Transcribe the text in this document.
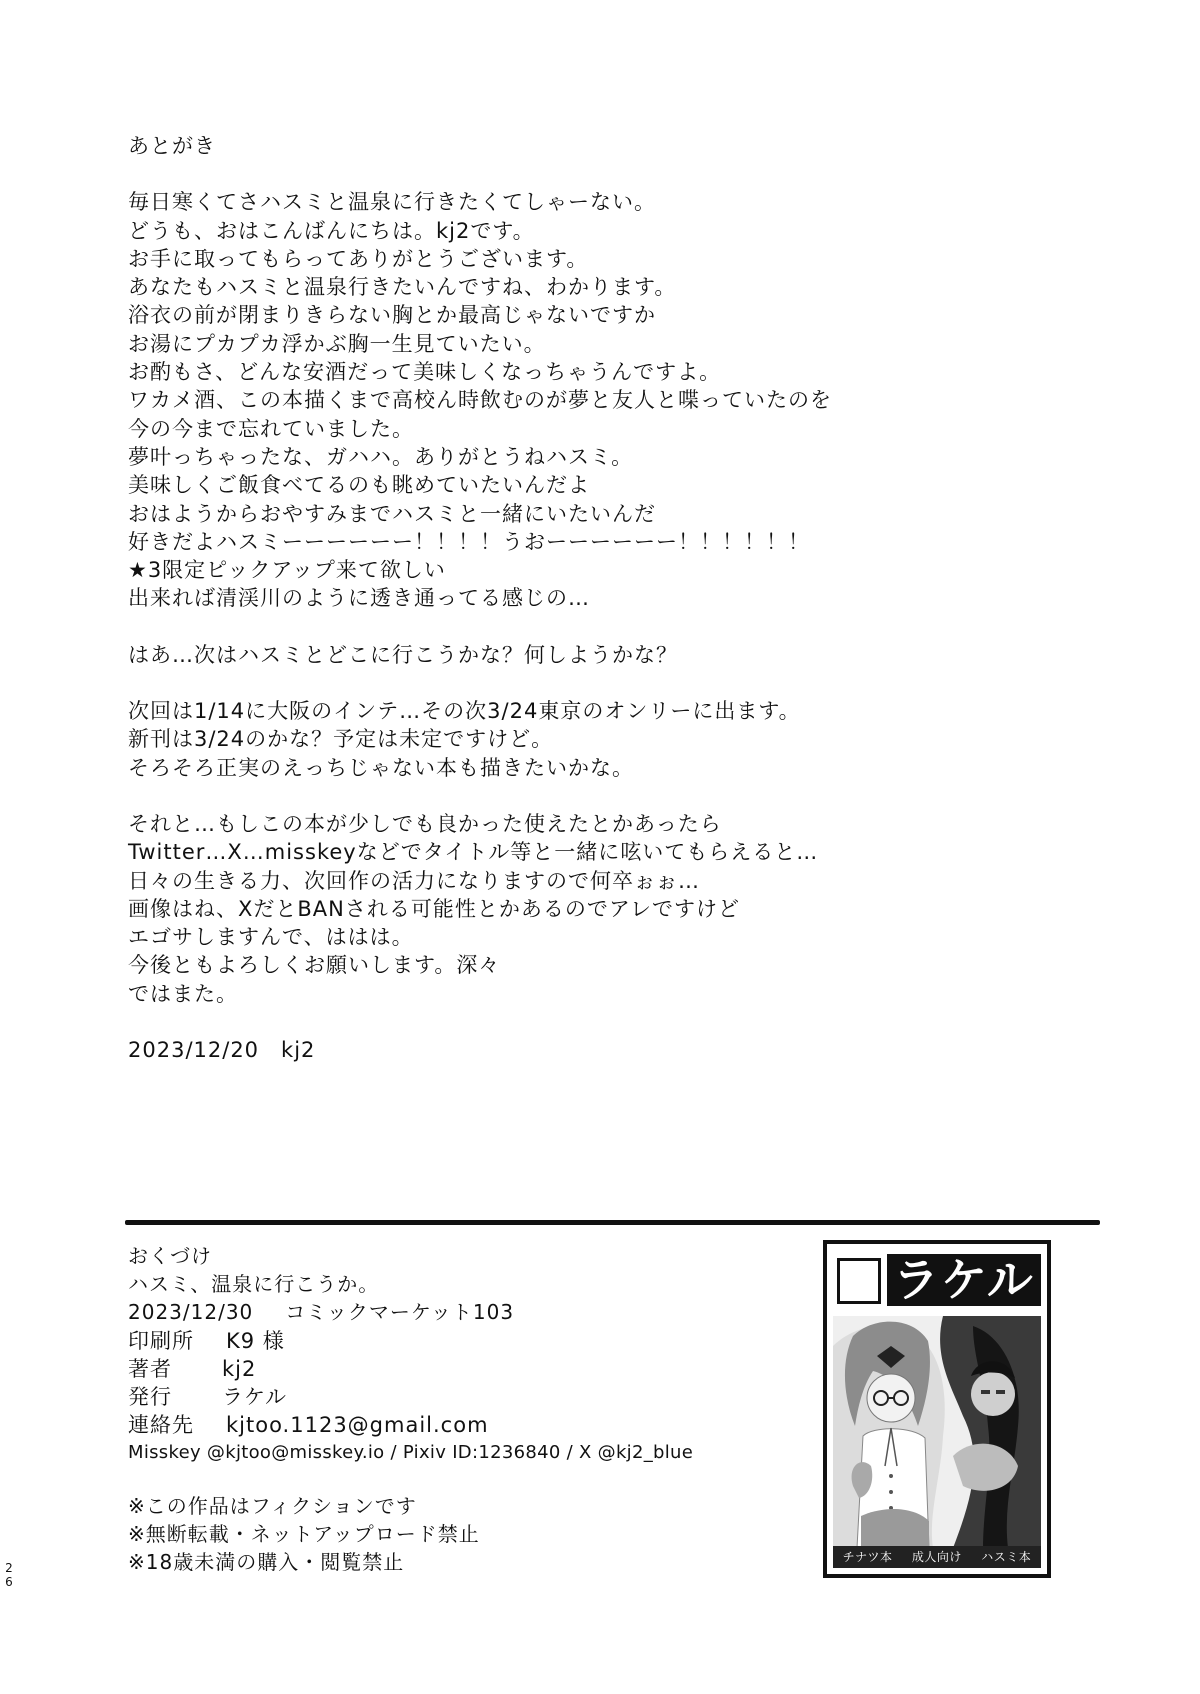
あとがき
毎日寒くてさハスミと温泉に行きたくてしゃーない。
どうも、おはこんばんにちは。kj2です。
お手に取ってもらってありがとうございます。
あなたもハスミと温泉行きたいんですね、わかります。
浴衣の前が閉まりきらない胸とか最高じゃないですか
お湯にプカプカ浮かぶ胸一生見ていたい。
お酌もさ、どんな安酒だって美味しくなっちゃうんですよ。
ワカメ酒、この本描くまで高校ん時飲むのが夢と友人と喋っていたのを
今の今まで忘れていました。
夢叶っちゃったな、ガハハ。ありがとうねハスミ。
美味しくご飯食べてるのも眺めていたいんだよ
おはようからおやすみまでハスミと一緒にいたいんだ
好きだよハスミーーーーーー！！！！うおーーーーーー！！！！！！
★3限定ピックアップ来て欲しい
出来れば清渓川のように透き通ってる感じの…
はあ…次はハスミとどこに行こうかな？何しようかな？
次回は1/14に大阪のインテ…その次3/24東京のオンリーに出ます。
新刊は3/24のかな？予定は未定ですけど。
そろそろ正実のえっちじゃない本も描きたいかな。
それと…もしこの本が少しでも良かった使えたとかあったら
Twitter…X…misskeyなどでタイトル等と一緒に呟いてもらえると…
日々の生きる力、次回作の活力になりますので何卒ぉぉ…
画像はね、XだとBANされる可能性とかあるのでアレですけど
エゴサしますんで、ははは。
今後ともよろしくお願いします。深々
ではまた。
2023/12/20　kj2
おくづけ
ハスミ、温泉に行こうか。
2023/12/30 コミックマーケット103
印刷所 K9 様
著者	kj2
発行	ラケル
連絡先 kjtoo.1123@gmail.com
Misskey @kjtoo@misskey.io / Pixiv ID:1236840 / X @kj2_blue
※この作品はフィクションです
※無断転載・ネットアップロード禁止
※18歳未満の購入・閲覧禁止
ラケル
チナツ本 成人向け ハスミ本
26
